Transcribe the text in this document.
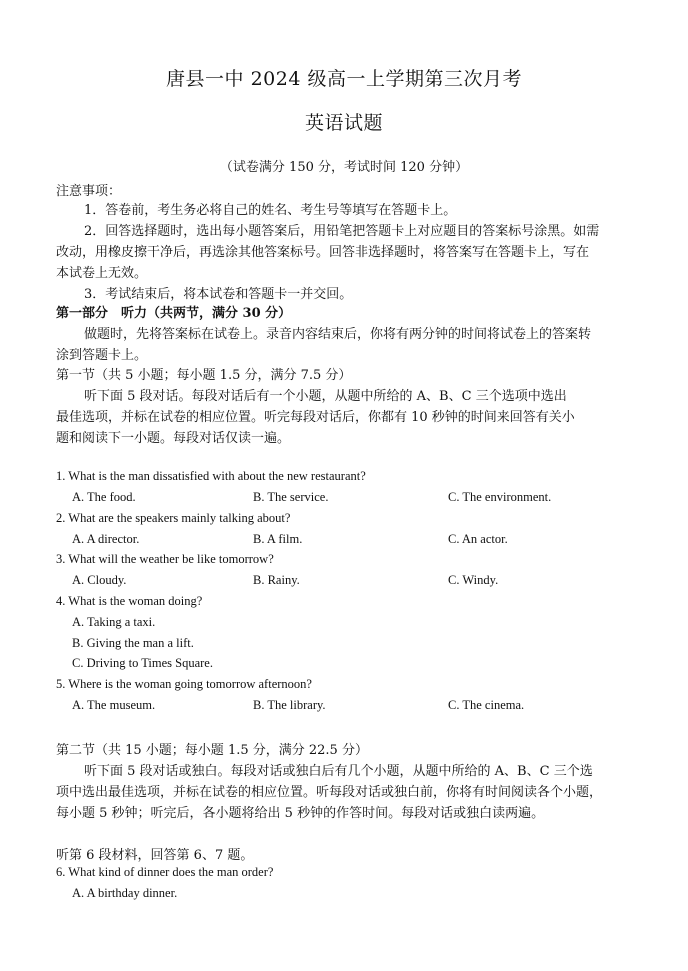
唐县一中 2024 级高一上学期第三次月考
英语试题
（试卷满分 150 分，考试时间 120 分钟）
注意事项：
1．答卷前，考生务必将自己的姓名、考生号等填写在答题卡上。
2．回答选择题时，选出每小题答案后，用铅笔把答题卡上对应题目的答案标号涂黑。如需
改动，用橡皮擦干净后，再选涂其他答案标号。回答非选择题时，将答案写在答题卡上，写在
本试卷上无效。
3．考试结束后，将本试卷和答题卡一并交回。
第一部分　听力（共两节，满分 30 分）
做题时，先将答案标在试卷上。录音内容结束后，你将有两分钟的时间将试卷上的答案转
涂到答题卡上。
第一节（共 5 小题；每小题 1.5 分，满分 7.5 分）
听下面 5 段对话。每段对话后有一个小题，从题中所给的 A、B、C 三个选项中选出
最佳选项，并标在试卷的相应位置。听完每段对话后，你都有 10 秒钟的时间来回答有关小
题和阅读下一小题。每段对话仅读一遍。
1. What is the man dissatisfied with about the new restaurant?
A. The food.	B. The service.	C. The environment.
2. What are the speakers mainly talking about?
A. A director.	B. A film.	C. An actor.
3. What will the weather be like tomorrow?
A. Cloudy.	B. Rainy.	C. Windy.
4. What is the woman doing?
A. Taking a taxi.
B. Giving the man a lift.
C. Driving to Times Square.
5. Where is the woman going tomorrow afternoon?
A. The museum.	B. The library.	C. The cinema.
第二节（共 15 小题；每小题 1.5 分，满分 22.5 分）
听下面 5 段对话或独白。每段对话或独白后有几个小题，从题中所给的 A、B、C 三个选
项中选出最佳选项，并标在试卷的相应位置。听每段对话或独白前，你将有时间阅读各个小题，
每小题 5 秒钟；听完后，各小题将给出 5 秒钟的作答时间。每段对话或独白读两遍。
听第 6 段材料，回答第 6、7 题。
6. What kind of dinner does the man order?
A. A birthday dinner.
